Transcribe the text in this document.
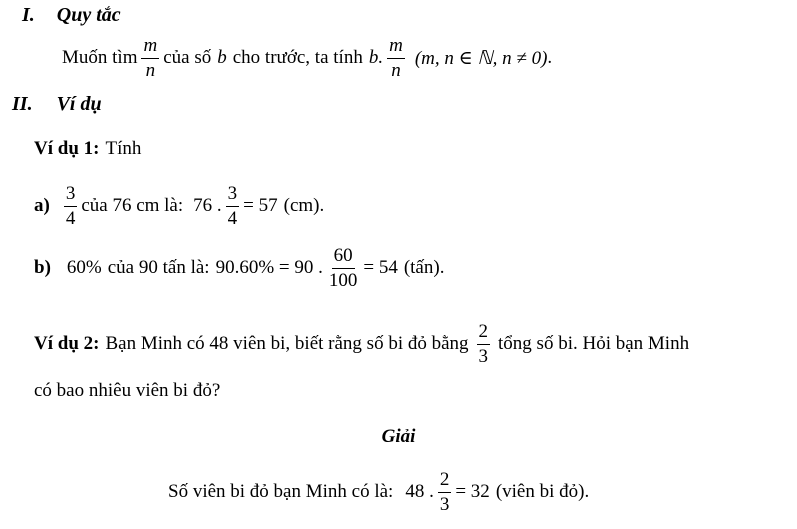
I. Quy tắc
Muốn tìm $\frac{m}{n}$ của số b cho trước, ta tính b. $\frac{m}{n} (m$, n ∈ ℕ, n ≠ 0) .
II. Ví dụ
Ví dụ 1: Tính
$a) \frac{3}{4}$ của 76 cm là: 76 . $\frac{3}{4} = 57$ (cm).
b) 60% của 90 tấn là: 90.60% = 90 . $\frac{60}{100} = 54$ (tấn).
Ví dụ 2: Bạn Minh có 48 viên bi, biết rằng số bi đỏ bằng $\frac{2}{3}$ tổng số bi. Hỏi bạn Minh
có bao nhiêu viên bi đỏ?
Giải
Số viên bi đỏ bạn Minh có là: 48 . $\frac{2}{3} = 32$ (viên bi đỏ).
